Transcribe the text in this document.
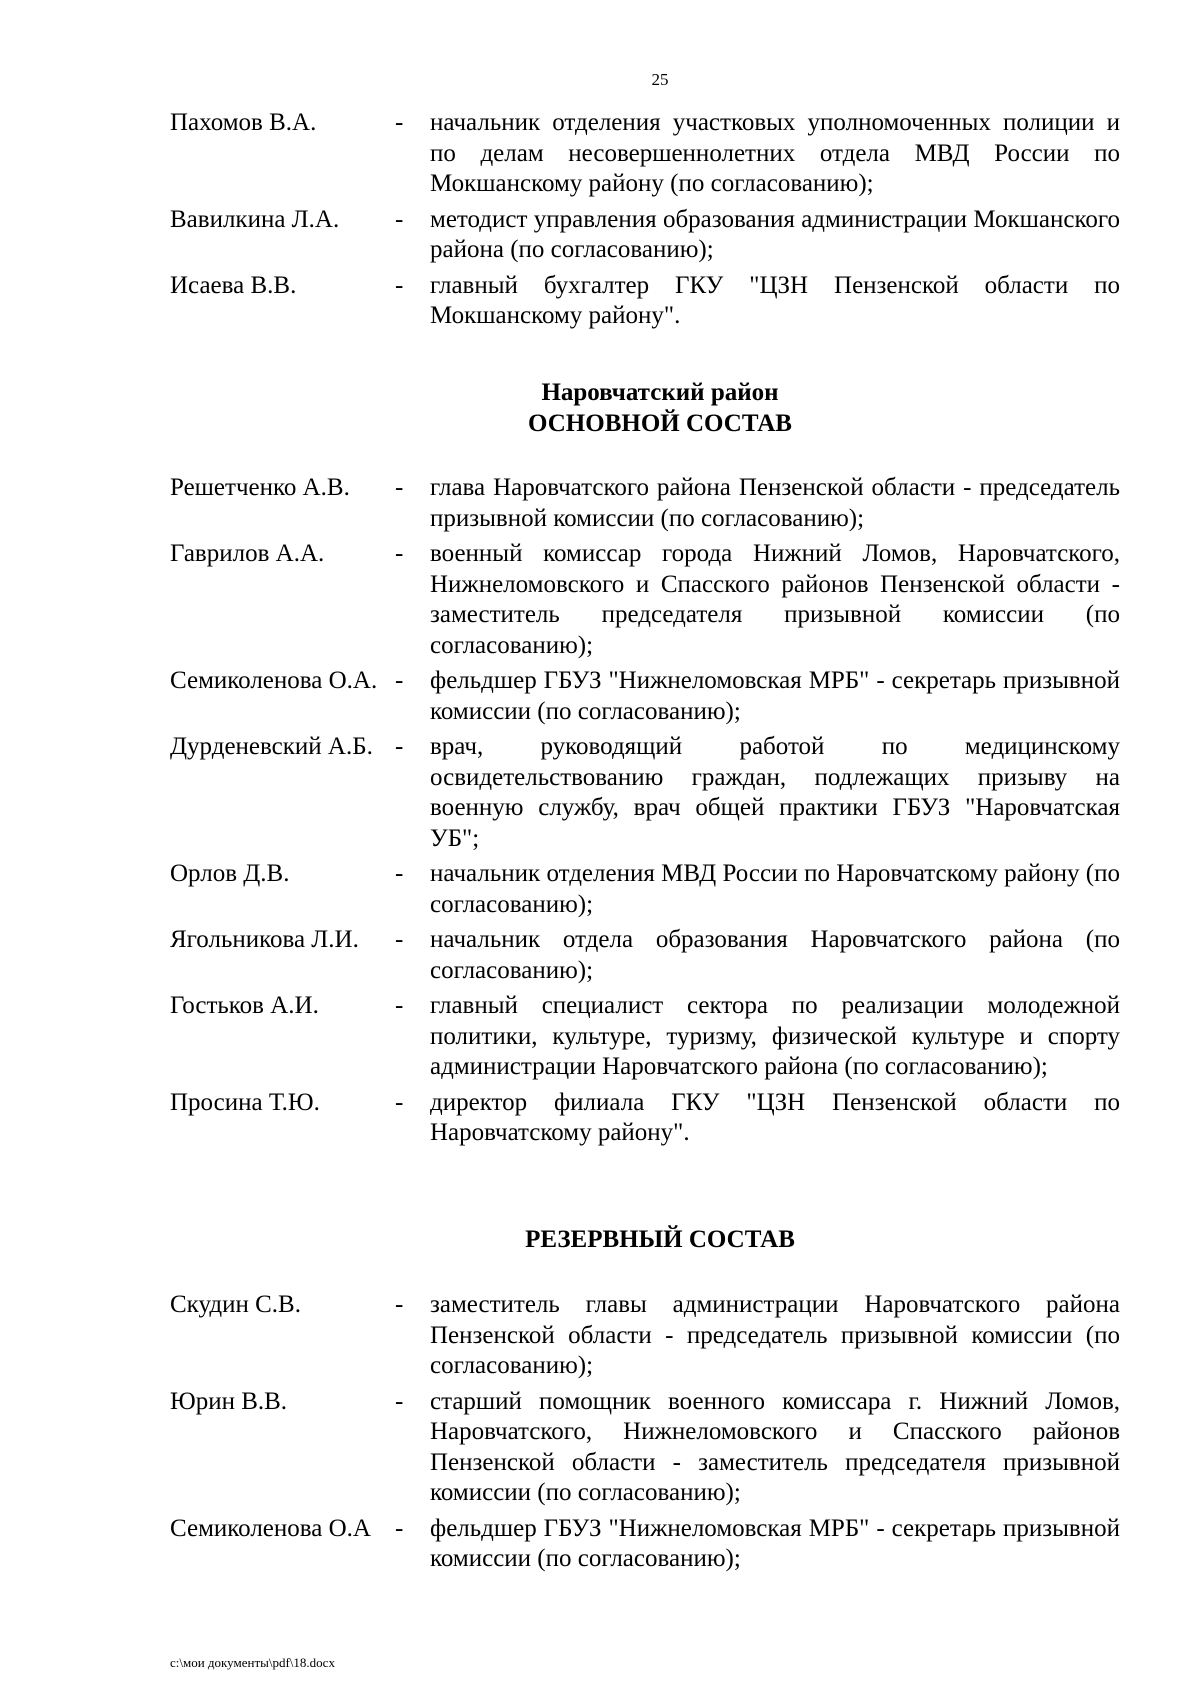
25
Пахомов В.А.	-	начальник отделения участковых уполномоченных полиции и по делам несовершеннолетних отдела МВД России по Мокшанскому району (по согласованию);
Вавилкина Л.А.	-	методист управления образования администрации Мокшанского района (по согласованию);
Исаева В.В.	-	главный бухгалтер ГКУ "ЦЗН Пензенской области по Мокшанскому району".
Наровчатский район
ОСНОВНОЙ СОСТАВ
Решетченко А.В.	-	глава Наровчатского района Пензенской области - председатель призывной комиссии (по согласованию);
Гаврилов А.А.	-	военный комиссар города Нижний Ломов, Наровчатского, Нижнеломовского и Спасского районов Пензенской области - заместитель председателя призывной комиссии (по согласованию);
Семиколенова О.А. -	фельдшер ГБУЗ "Нижнеломовская МРБ" - секретарь призывной комиссии (по согласованию);
Дурденевский А.Б. -	врач, руководящий работой по медицинскому освидетельствованию граждан, подлежащих призыву на военную службу, врач общей практики ГБУЗ "Наровчатская УБ";
Орлов Д.В.	-	начальник отделения МВД России по Наровчатскому району (по согласованию);
Ягольникова Л.И.	-	начальник отдела образования Наровчатского района (по согласованию);
Гостьков А.И.	-	главный специалист сектора по реализации молодежной политики, культуре, туризму, физической культуре и спорту администрации Наровчатского района (по согласованию);
Просина Т.Ю.	-	директор филиала ГКУ "ЦЗН Пензенской области по Наровчатскому району".
РЕЗЕРВНЫЙ СОСТАВ
Скудин С.В.	-	заместитель главы администрации Наровчатского района Пензенской области - председатель призывной комиссии (по согласованию);
Юрин В.В.	-	старший помощник военного комиссара г. Нижний Ломов, Наровчатского, Нижнеломовского и Спасского районов Пензенской области - заместитель председателя призывной комиссии (по согласованию);
Семиколенова О.А -	фельдшер ГБУЗ "Нижнеломовская МРБ" - секретарь призывной комиссии (по согласованию);
c:\мои документы\pdf\18.docx
